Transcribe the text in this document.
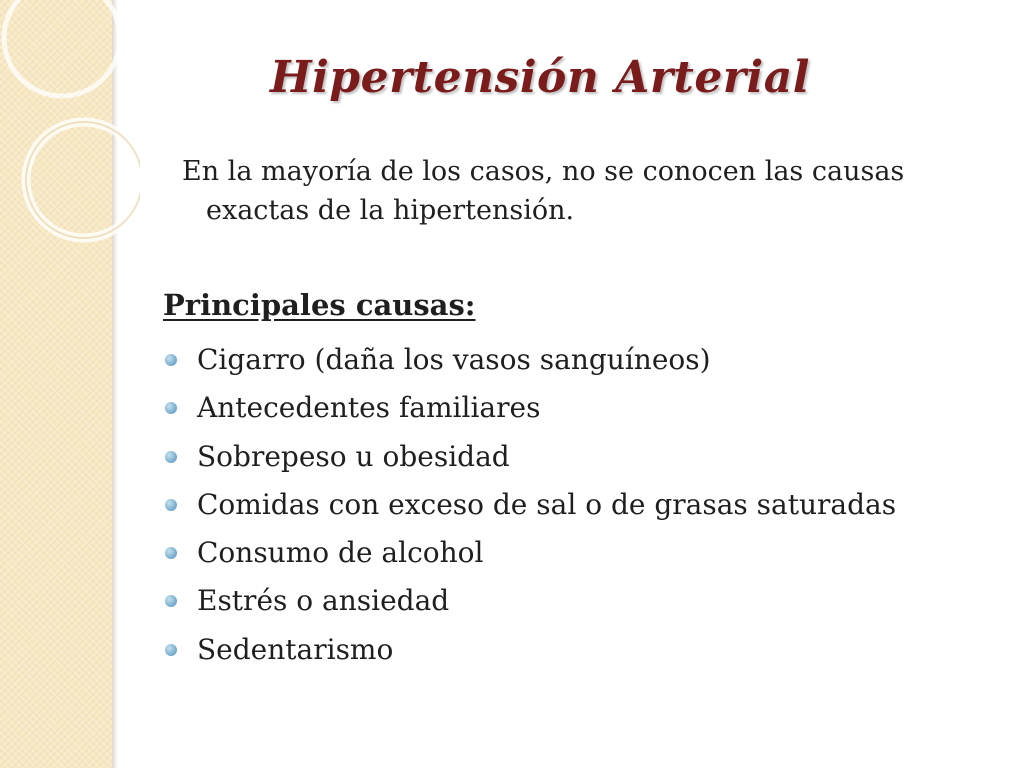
Hipertensión Arterial

En la mayoría de los casos, no se conocen las causas exactas de la hipertensión.

Principales causas:
Cigarro (daña los vasos sanguíneos)
Antecedentes familiares
Sobrepeso u obesidad
Comidas con exceso de sal o de grasas saturadas
Consumo de alcohol
Estrés o ansiedad
Sedentarismo
